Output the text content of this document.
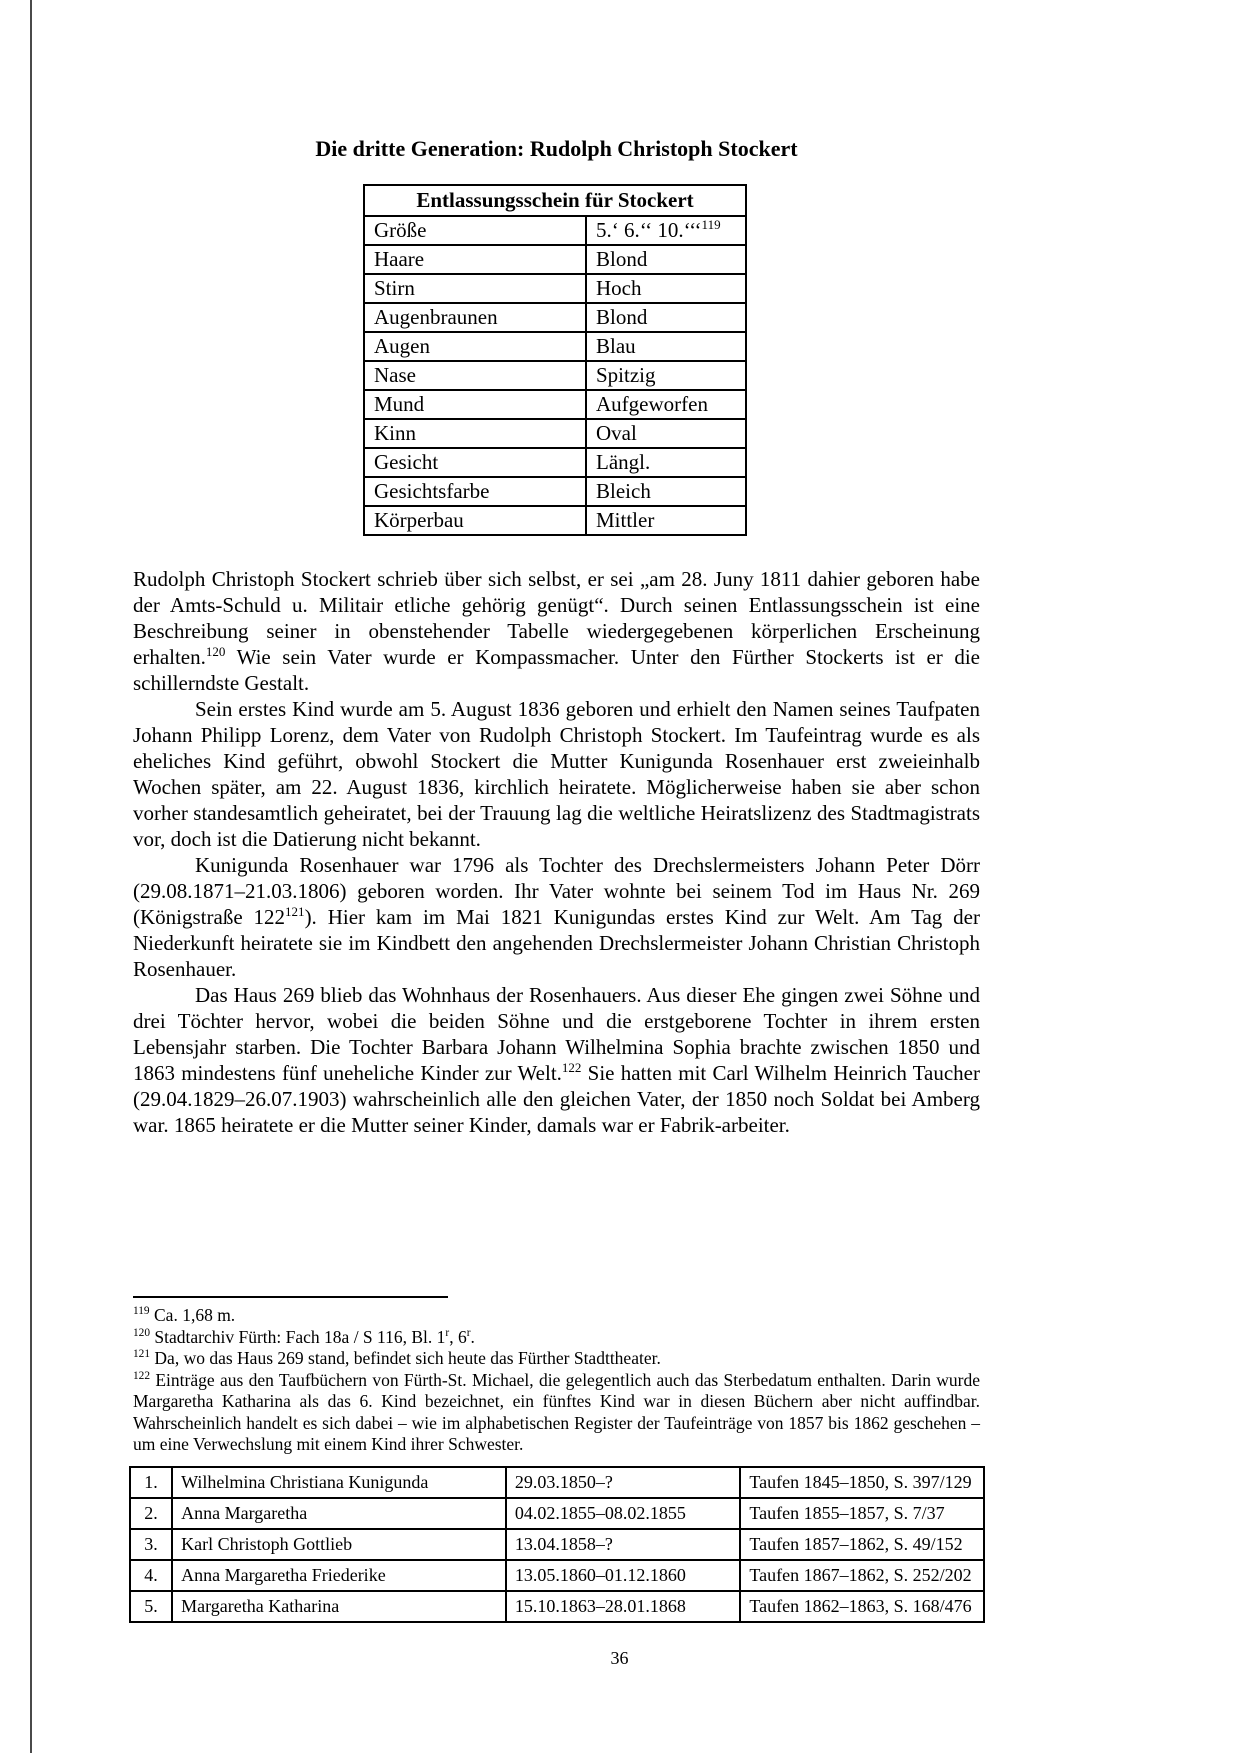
Die dritte Generation: Rudolph Christoph Stockert
Entlassungsschein für Stockert	
Größe	5.‘ 6.‘‘ 10.‘‘‘$^{119}$
Haare	Blond
Stirn	Hoch
Augenbraunen	Blond
Augen	Blau
Nase	Spitzig
Mund	Aufgeworfen
Kinn	Oval
Gesicht	Längl.
Gesichtsfarbe	Bleich
Körperbau	Mittler

Rudolph Christoph Stockert schrieb über sich selbst, er sei „am 28. Juny 1811 dahier geboren habe der Amts-Schuld u. Militair etliche gehörig genügt“. Durch seinen Entlassungsschein ist eine Beschreibung seiner in obenstehender Tabelle wiedergegebenen körperlichen Erscheinung erhalten.$^{120}$ Wie sein Vater wurde er Kompassmacher. Unter den Fürther Stockerts ist er die schillerndste Gestalt.

Sein erstes Kind wurde am 5. August 1836 geboren und erhielt den Namen seines Taufpaten Johann Philipp Lorenz, dem Vater von Rudolph Christoph Stockert. Im Taufeintrag wurde es als eheliches Kind geführt, obwohl Stockert die Mutter Kunigunda Rosenhauer erst zweieinhalb Wochen später, am 22. August 1836, kirchlich heiratete. Möglicherweise haben sie aber schon vorher standesamtlich geheiratet, bei der Trauung lag die weltliche Heiratslizenz des Stadtmagistrats vor, doch ist die Datierung nicht bekannt.

Kunigunda Rosenhauer war 1796 als Tochter des Drechslermeisters Johann Peter Dörr (29.08.1871–21.03.1806) geboren worden. Ihr Vater wohnte bei seinem Tod im Haus Nr. 269 (Königstraße 122$^{121}$). Hier kam im Mai 1821 Kunigundas erstes Kind zur Welt. Am Tag der Niederkunft heiratete sie im Kindbett den angehenden Drechslermeister Johann Christian Christoph Rosenhauer.

Das Haus 269 blieb das Wohnhaus der Rosenhauers. Aus dieser Ehe gingen zwei Söhne und drei Töchter hervor, wobei die beiden Söhne und die erstgeborene Tochter in ihrem ersten Lebensjahr starben. Die Tochter Barbara Johann Wilhelmina Sophia brachte zwischen 1850 und 1863 mindestens fünf uneheliche Kinder zur Welt.$^{122}$ Sie hatten mit Carl Wilhelm Heinrich Taucher (29.04.1829–26.07.1903) wahrscheinlich alle den gleichen Vater, der 1850 noch Soldat bei Amberg war. 1865 heiratete er die Mutter seiner Kinder, damals war er Fabrik-arbeiter.

$^{119}$ Ca. 1,68 m.

$^{120}$ Stadtarchiv Fürth: Fach 18a / S 116, Bl. 1$^r$, 6$^r$.

$^{121}$ Da, wo das Haus 269 stand, befindet sich heute das Fürther Stadttheater.

$^{122}$ Einträge aus den Taufbüchern von Fürth-St. Michael, die gelegentlich auch das Sterbedatum enthalten. Darin wurde Margaretha Katharina als das 6. Kind bezeichnet, ein fünftes Kind war in diesen Büchern aber nicht auffindbar. Wahrscheinlich handelt es sich dabei – wie im alphabetischen Register der Taufeinträge von 1857 bis 1862 geschehen – um eine Verwechslung mit einem Kind ihrer Schwester.

1.	Wilhelmina Christiana Kunigunda	29.03.1850–?	Taufen 1845–1850, S. 397/129
2.	Anna Margaretha	04.02.1855–08.02.1855	Taufen 1855–1857, S. 7/37
3.	Karl Christoph Gottlieb	13.04.1858–?	Taufen 1857–1862, S. 49/152
4.	Anna Margaretha Friederike	13.05.1860–01.12.1860	Taufen 1867–1862, S. 252/202
5.	Margaretha Katharina	15.10.1863–28.01.1868	Taufen 1862–1863, S. 168/476
36
